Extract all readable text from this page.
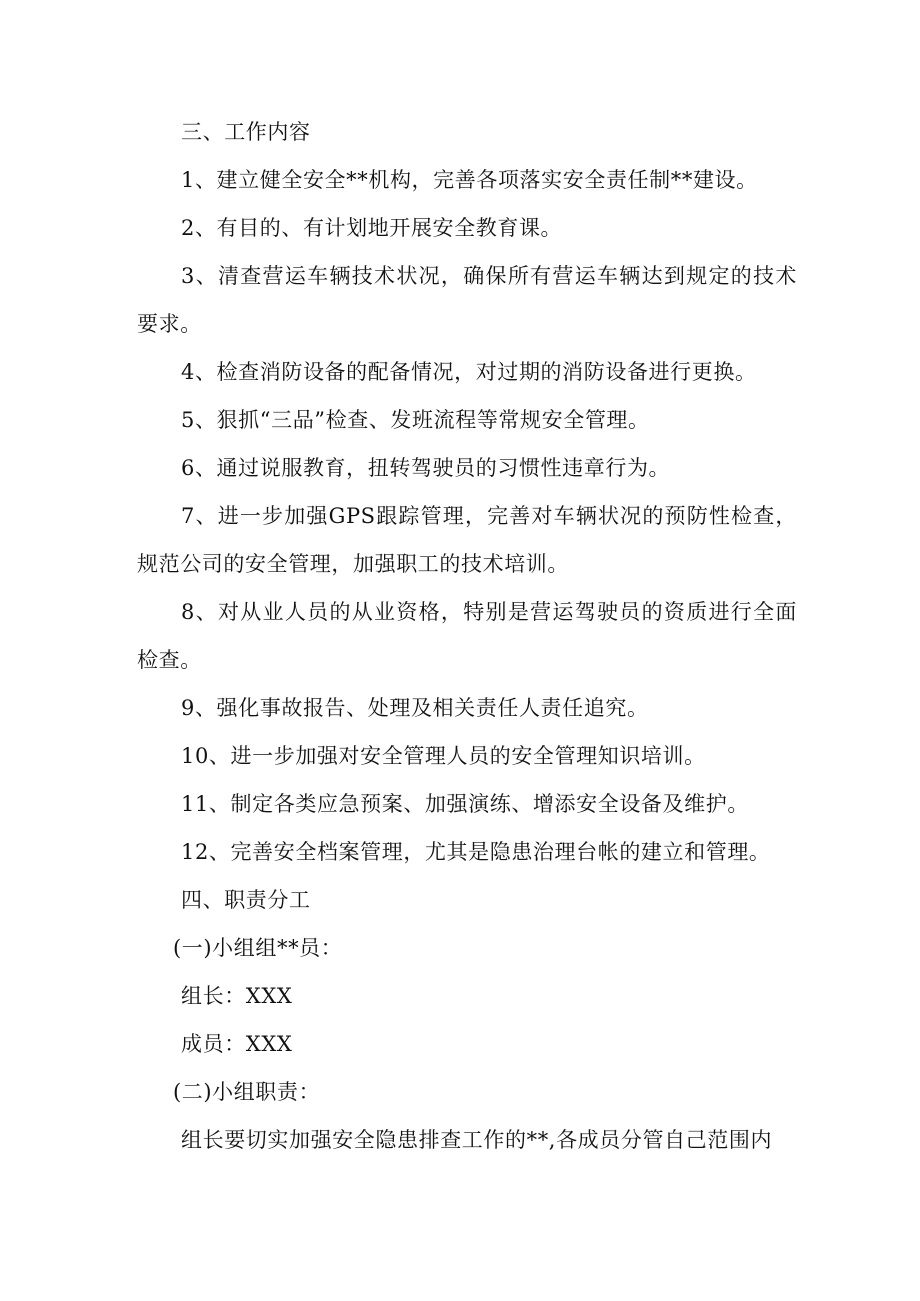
三、工作内容

1、建立健全安全**机构，完善各项落实安全责任制**建设。

2、有目的、有计划地开展安全教育课。

3、清查营运车辆技术状况，确保所有营运车辆达到规定的技术要求。

4、检查消防设备的配备情况，对过期的消防设备进行更换。

5、狠抓“三品”检查、发班流程等常规安全管理。

6、通过说服教育，扭转驾驶员的习惯性违章行为。

7、进一步加强GPS跟踪管理，完善对车辆状况的预防性检查，规范公司的安全管理，加强职工的技术培训。

8、对从业人员的从业资格，特别是营运驾驶员的资质进行全面检查。

9、强化事故报告、处理及相关责任人责任追究。

10、进一步加强对安全管理人员的安全管理知识培训。

11、制定各类应急预案、加强演练、增添安全设备及维护。

12、完善安全档案管理，尤其是隐患治理台帐的建立和管理。

四、职责分工

(一)小组组**员：

组长：XXX

成员：XXX

(二)小组职责：

组长要切实加强安全隐患排查工作的**,各成员分管自己范围内
